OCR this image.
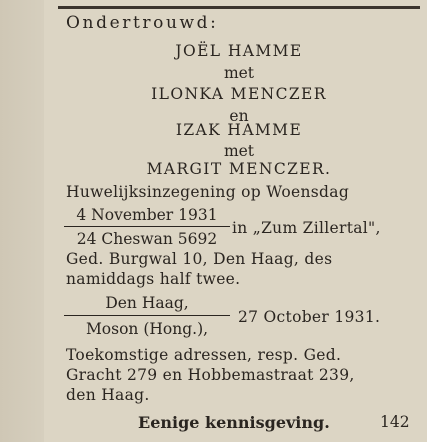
Ondertrouwd:
JOËL HAMME
met
ILONKA MENCZER
en
IZAK HAMME
met
MARGIT MENCZER.
Huwelijksinzegening op Woensdag
4 November 1931
24 Cheswan 5692
in „Zum Zillertal",
Ged. Burgwal 10, Den Haag, des
namiddags half twee.
Den Haag,
Moson (Hong.),
27 October 1931.
Toekomstige adressen, resp. Ged.
Gracht 279 en Hobbemastraat 239,
den Haag.
Eenige kennisgeving.	142
